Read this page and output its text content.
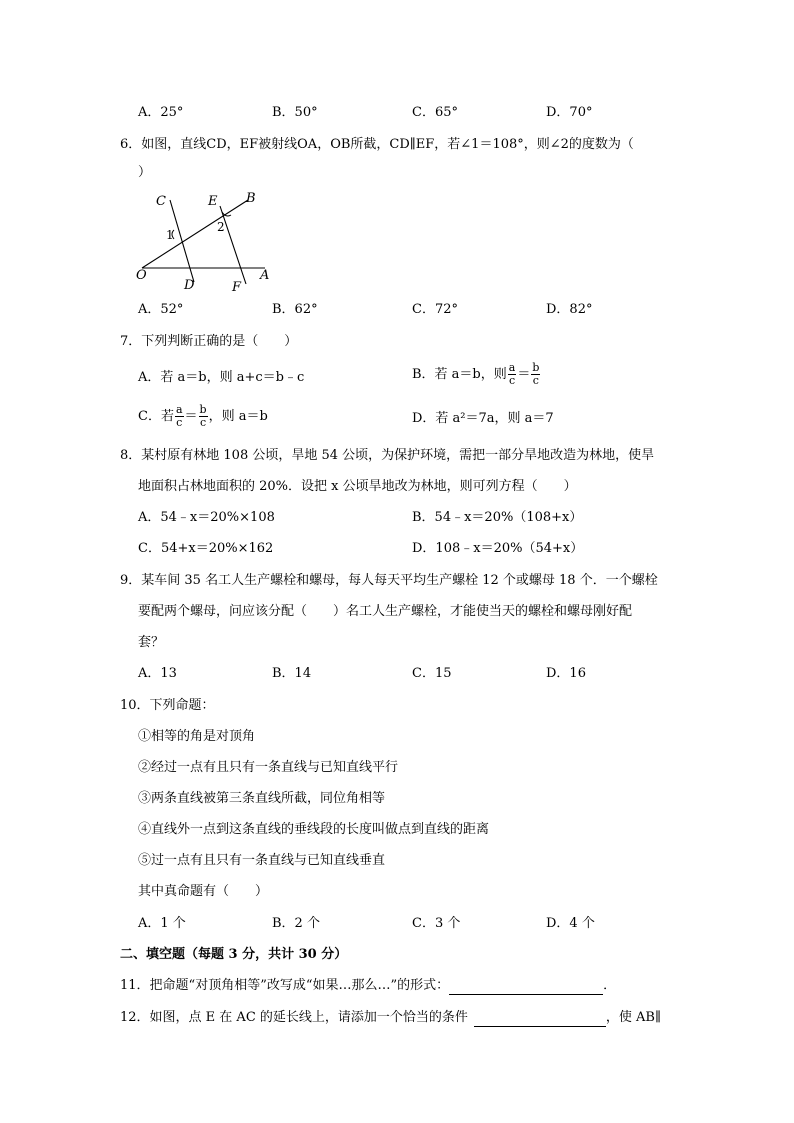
A．25°	B．50°	C．65°	D．70°
6．如图，直线CD，EF被射线OA，OB所截，CD∥EF，若∠1＝108°，则∠2的度数为（
）
C	E B
1
2
O
D	F
A
A．52°	B．62°	C．72°	D．82°
7．下列判断正确的是（　　）
A．若 a＝b，则 a+c＝b﹣c	B．若 a＝b，则 $\frac{a}{c} = \frac{b}{c}$
C．若 $\frac{a}{c} = \frac{b}{c}$ ，则 a＝b	D．若 a²＝7a，则 a＝7
8．某村原有林地 108 公顷，旱地 54 公顷，为保护环境，需把一部分旱地改造为林地，使旱
地面积占林地面积的 20%．设把 x 公顷旱地改为林地，则可列方程（　　）
A．54﹣x＝20%×108	B．54﹣x＝20%（108+x）
C．54+x＝20%×162	D．108﹣x＝20%（54+x）
9．某车间 35 名工人生产螺栓和螺母，每人每天平均生产螺栓 12 个或螺母 18 个．一个螺栓
要配两个螺母，问应该分配（　　）名工人生产螺栓，才能使当天的螺栓和螺母刚好配
套？
A．13	B．14	C．15	D．16
10．下列命题：
①相等的角是对顶角
②经过一点有且只有一条直线与已知直线平行
③两条直线被第三条直线所截，同位角相等
④直线外一点到这条直线的垂线段的长度叫做点到直线的距离
⑤过一点有且只有一条直线与已知直线垂直
其中真命题有（　　）
A．1 个	B．2 个	C．3 个	D．4 个
二、填空题（每题 3 分，共计 30 分）
11．把命题“对顶角相等”改写成“如果…那么…”的形式：	．
12．如图，点 E 在 AC 的延长线上，请添加一个恰当的条件	，使 AB∥
